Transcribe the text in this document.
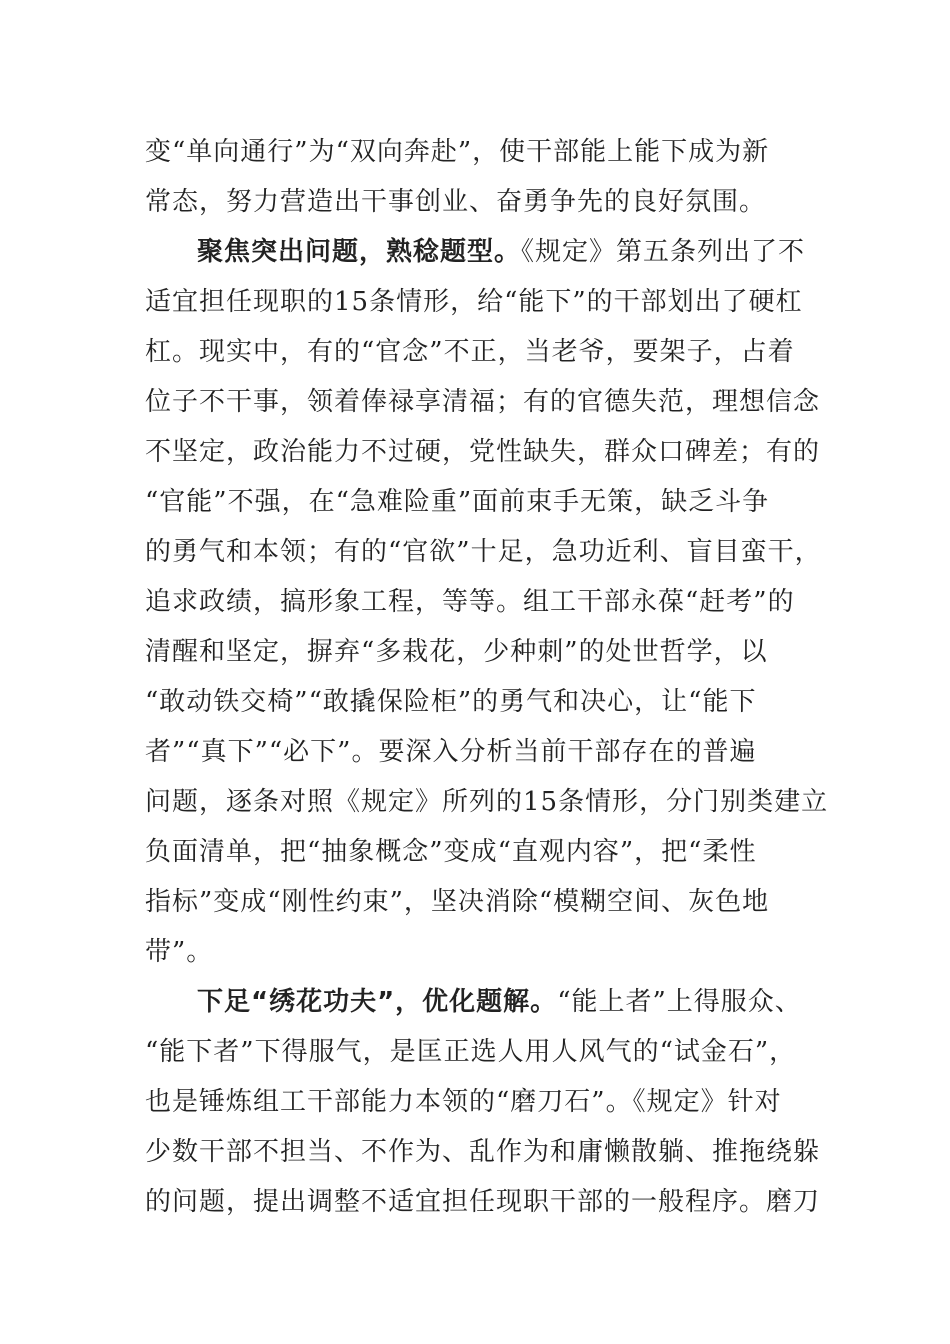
变“单向通行”为“双向奔赴”，使干部能上能下成为新
常态，努力营造出干事创业、奋勇争先的良好氛围。
聚焦突出问题，熟稔题型。《规定》第五条列出了不
适宜担任现职的15条情形，给“能下”的干部划出了硬杠
杠。现实中，有的“官念”不正，当老爷，要架子，占着
位子不干事，领着俸禄享清福；有的官德失范，理想信念
不坚定，政治能力不过硬，党性缺失，群众口碑差；有的
“官能”不强，在“急难险重”面前束手无策，缺乏斗争
的勇气和本领；有的“官欲”十足，急功近利、盲目蛮干，
追求政绩，搞形象工程，等等。组工干部永葆“赶考”的
清醒和坚定，摒弃“多栽花，少种刺”的处世哲学，以
“敢动铁交椅”“敢撬保险柜”的勇气和决心，让“能下
者”“真下”“必下”。要深入分析当前干部存在的普遍
问题，逐条对照《规定》所列的15条情形，分门别类建立
负面清单，把“抽象概念”变成“直观内容”，把“柔性
指标”变成“刚性约束”，坚决消除“模糊空间、灰色地
带”。
下足“绣花功夫”，优化题解。“能上者”上得服众、
“能下者”下得服气，是匡正选人用人风气的“试金石”，
也是锤炼组工干部能力本领的“磨刀石”。《规定》针对
少数干部不担当、不作为、乱作为和庸懒散躺、推拖绕躲
的问题，提出调整不适宜担任现职干部的一般程序。磨刀
